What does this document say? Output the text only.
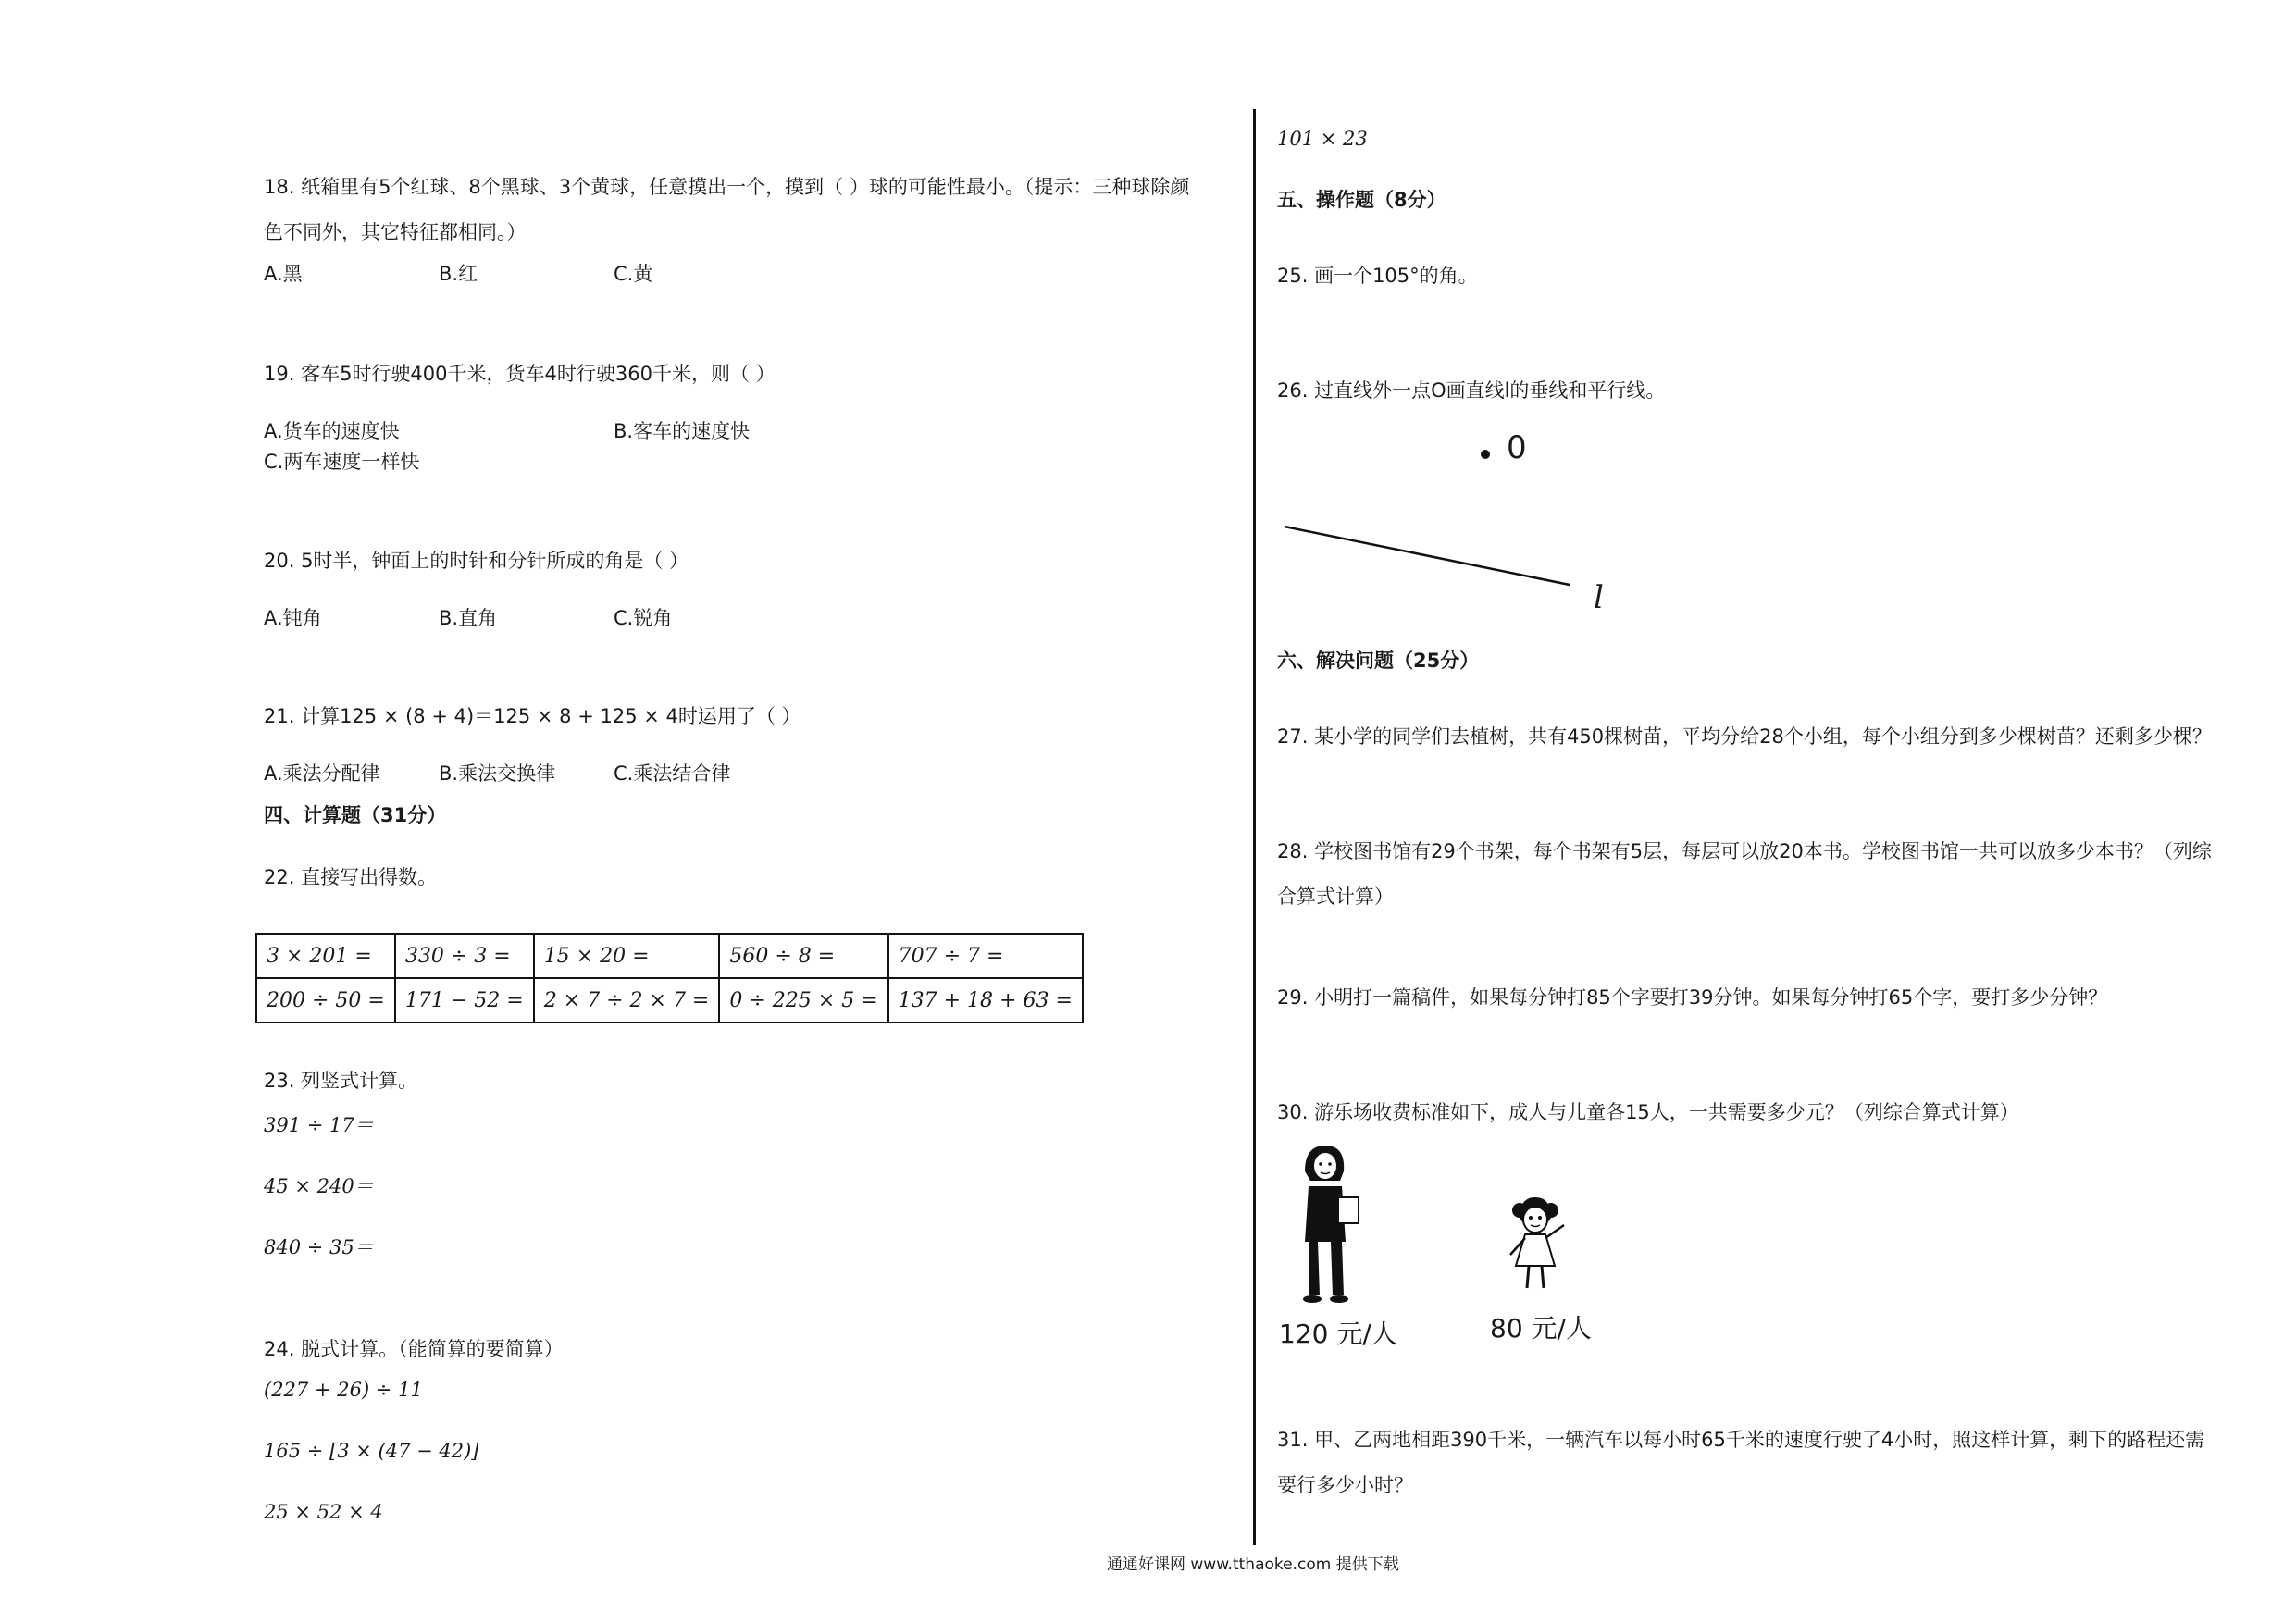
18. 纸箱里有5个红球、8个黑球、3个黄球，任意摸出一个，摸到（ ）球的可能性最小。（提示：三种球除颜
色不同外，其它特征都相同。）
A.黑	B.红	C.黄
19. 客车5时行驶400千米，货车4时行驶360千米，则（ ）
A.货车的速度快	B.客车的速度快
C.两车速度一样快
20. 5时半，钟面上的时针和分针所成的角是（ ）
A.钝角	B.直角	C.锐角
21. 计算125 × (8 + 4)＝125 × 8 + 125 × 4时运用了（ ）
A.乘法分配律	B.乘法交换律	C.乘法结合律
四、计算题（31分）
22. 直接写出得数。
3 × 201 =	330 ÷ 3 =	15 × 20 =	560 ÷ 8 =	707 ÷ 7 =
200 ÷ 50 =	171 − 52 =	2 × 7 ÷ 2 × 7 =	0 ÷ 225 × 5 =	137 + 18 + 63 =
23. 列竖式计算。
391 ÷ 17＝
45 × 240＝
840 ÷ 35＝
24. 脱式计算。（能简算的要简算）
(227 + 26) ÷ 11
165 ÷ [3 × (47 − 42)]
25 × 52 × 4
101 × 23
五、操作题（8分）
25. 画一个105°的角。
26. 过直线外一点O画直线l的垂线和平行线。
0
l
六、解决问题（25分）
27. 某小学的同学们去植树，共有450棵树苗，平均分给28个小组，每个小组分到多少棵树苗？还剩多少棵？
28. 学校图书馆有29个书架，每个书架有5层，每层可以放20本书。学校图书馆一共可以放多少本书？（列综
合算式计算）
29. 小明打一篇稿件，如果每分钟打85个字要打39分钟。如果每分钟打65个字，要打多少分钟？
30. 游乐场收费标准如下，成人与儿童各15人，一共需要多少元？（列综合算式计算）
120 元/人	80 元/人
31. 甲、乙两地相距390千米，一辆汽车以每小时65千米的速度行驶了4小时，照这样计算，剩下的路程还需
要行多少小时？
通通好课网 www.tthaoke.com 提供下载
